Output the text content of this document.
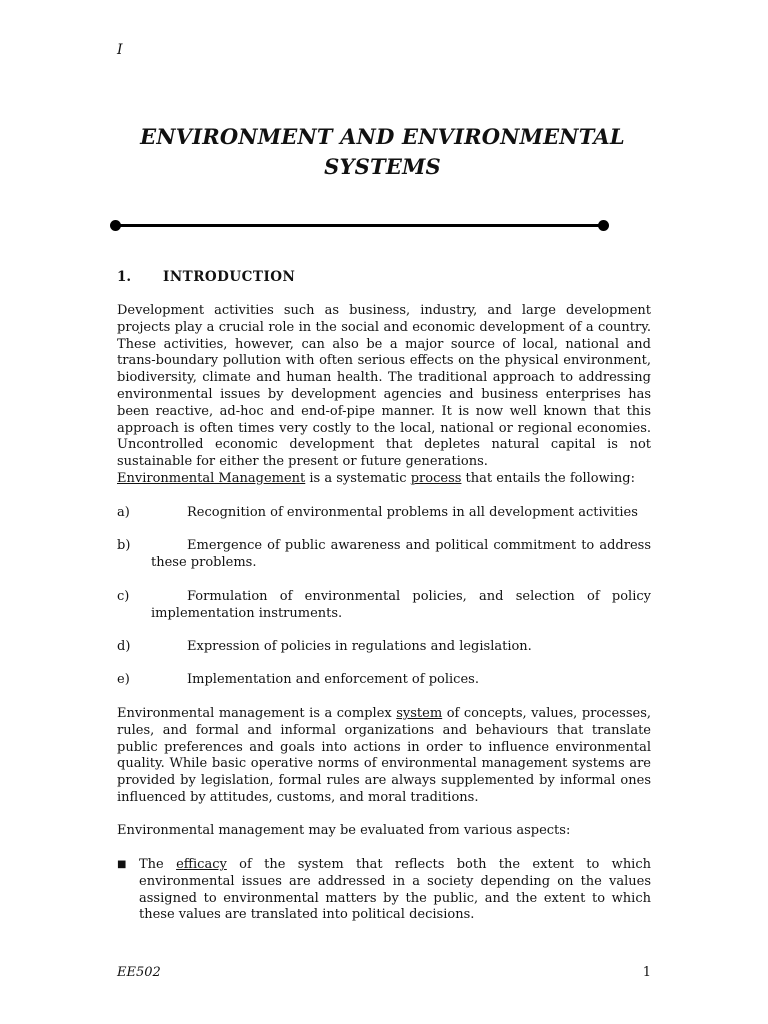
I
ENVIRONMENT AND ENVIRONMENTAL
SYSTEMS
1. INTRODUCTION
Development activities such as business, industry, and large development projects play a crucial role in the social and economic development of a country. These activities, however, can also be a major source of local, national and trans-boundary pollution with often serious effects on the physical environment, biodiversity, climate and human health. The traditional approach to addressing environmental issues by development agencies and business enterprises has been reactive, ad-hoc and end-of-pipe manner. It is now well known that this approach is often times very costly to the local, national or regional economies. Uncontrolled economic development that depletes natural capital is not sustainable for either the present or future generations.
Environmental Management is a systematic process that entails the following:
a)	Recognition of environmental problems in all development activities
b)	Emergence of public awareness and political commitment to address these problems.
c)	Formulation of environmental policies, and selection of policy implementation instruments.
d)	Expression of policies in regulations and legislation.
e)	Implementation and enforcement of polices.
Environmental management is a complex system of concepts, values, processes, rules, and formal and informal organizations and behaviours that translate public preferences and goals into actions in order to influence environmental quality. While basic operative norms of environmental management systems are provided by legislation, formal rules are always supplemented by informal ones influenced by attitudes, customs, and moral traditions.
Environmental management may be evaluated from various aspects:
■ The efficacy of the system that reflects both the extent to which environmental issues are addressed in a society depending on the values assigned to environmental matters by the public, and the extent to which these values are translated into political decisions.
EE502	1
